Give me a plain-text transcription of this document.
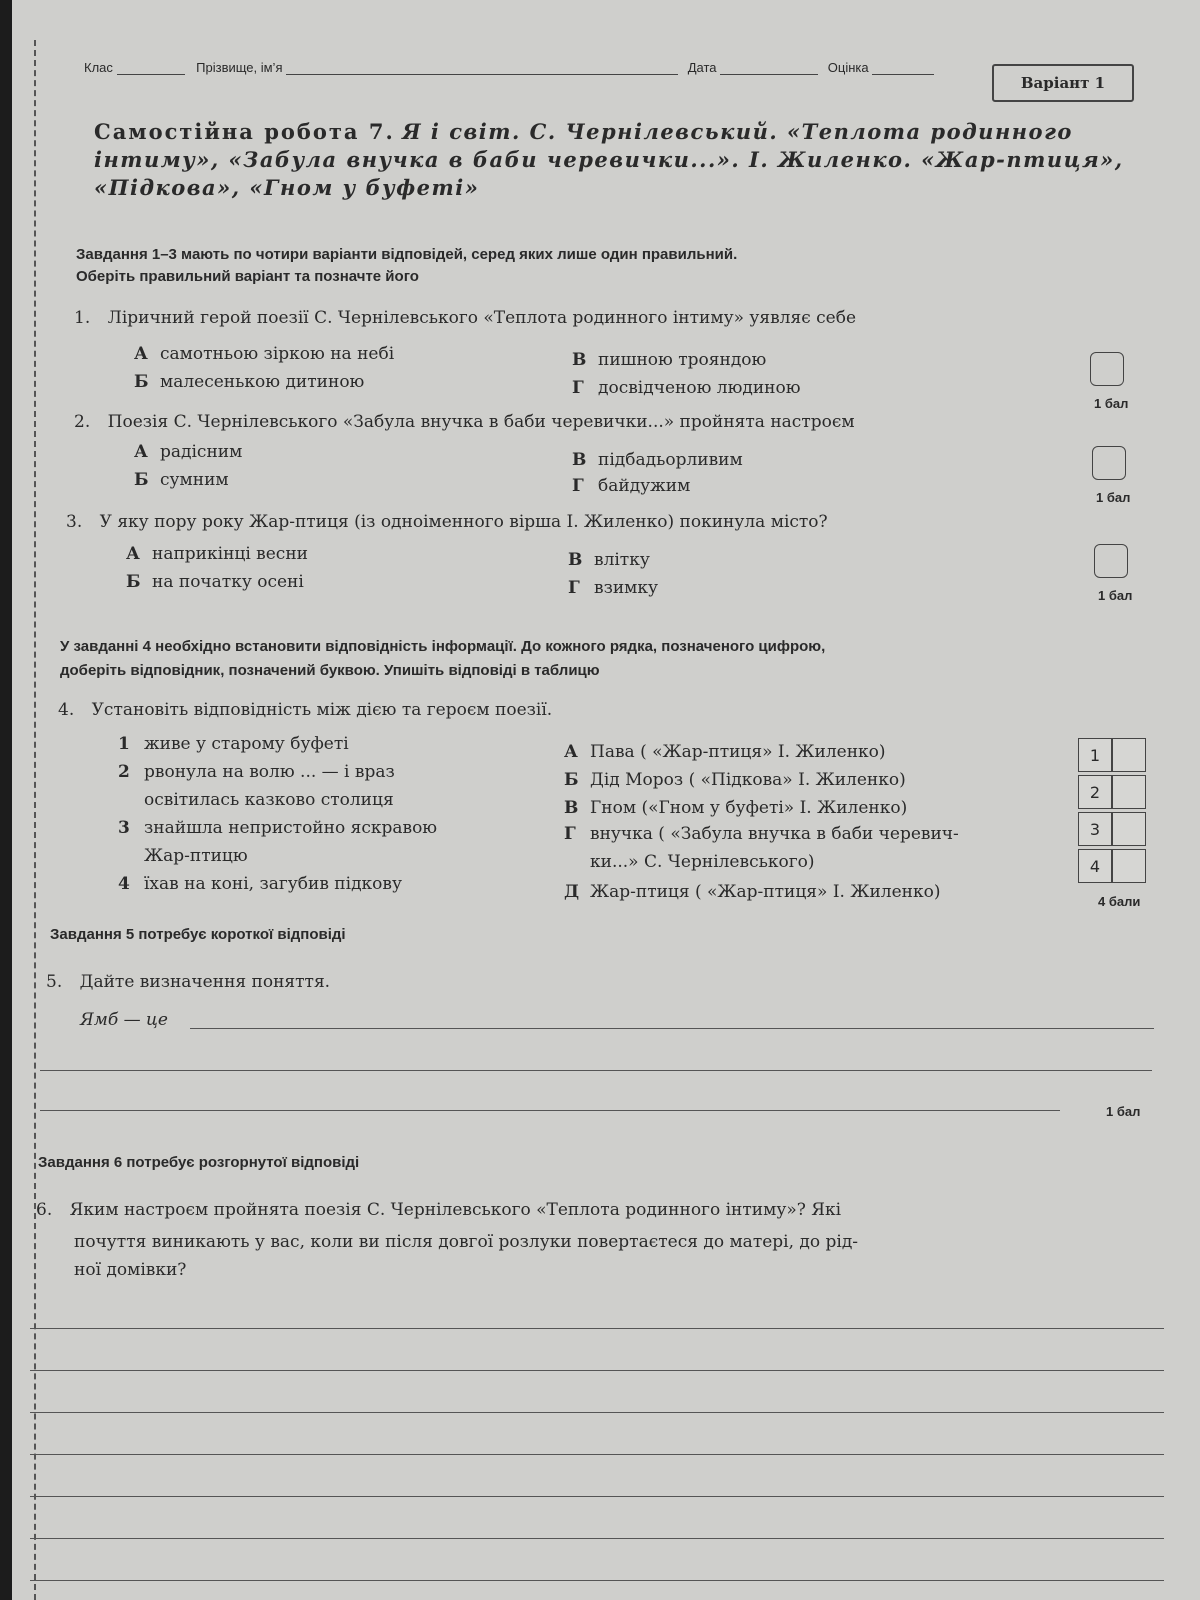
Клас	Прізвище, ім’я	Дата	Оцінка
Варіант 1
Самостійна робота 7. Я і світ. С. Чернілевський. «Теплота родинного інтиму», «Забула внучка в баби черевички...». І. Жиленко. «Жар-птиця», «Підкова», «Гном у буфеті»
Завдання 1–3 мають по чотири варіанти відповідей, серед яких лише один правильний.
Оберіть правильний варіант та позначте його
1. Ліричний герой поезії С. Чернілевського «Теплота родинного інтиму» уявляє себе
А самотньою зіркою на небі
Б малесенькою дитиною
В пишною трояндою
Г досвідченою людиною
1 бал
2. Поезія С. Чернілевського «Забула внучка в баби черевички...» пройнята настроєм
А радісним
Б сумним
В підбадьорливим
Г байдужим
1 бал
3. У яку пору року Жар-птиця (із одноіменного вірша І. Жиленко) покинула місто?
А наприкінці весни
Б на початку осені
В влітку
Г взимку	1 бал
У завданні 4 необхідно встановити відповідність інформації. До кожного рядка, позначеного цифрою,
доберіть відповідник, позначений буквою. Упишіть відповіді в таблицю
4. Установіть відповідність між дією та героєм поезії.
1 живе у старому буфеті
2 рвонула на волю ... — і враз
освітилась казково столиця
3 знайшла непристойно яскравою
Жар-птицю
4 їхав на коні, загубив підкову
А Пава ( «Жар-птиця» І. Жиленко)
Б Дід Мороз ( «Підкова» І. Жиленко)
В Гном («Гном у буфеті» І. Жиленко)
Г внучка ( «Забула внучка в баби черевич-
ки...» С. Чернілевського)
Д Жар-птиця ( «Жар-птиця» І. Жиленко)
1
2
3
4
4 бали
Завдання 5 потребує короткої відповіді
5. Дайте визначення поняття.
Ямб — це
1 бал
Завдання 6 потребує розгорнутої відповіді
6. Яким настроєм пройнята поезія С. Чернілевського «Теплота родинного інтиму»? Які
почуття виникають у вас, коли ви після довгої розлуки повертаєтеся до матері, до рід-
ної домівки?
